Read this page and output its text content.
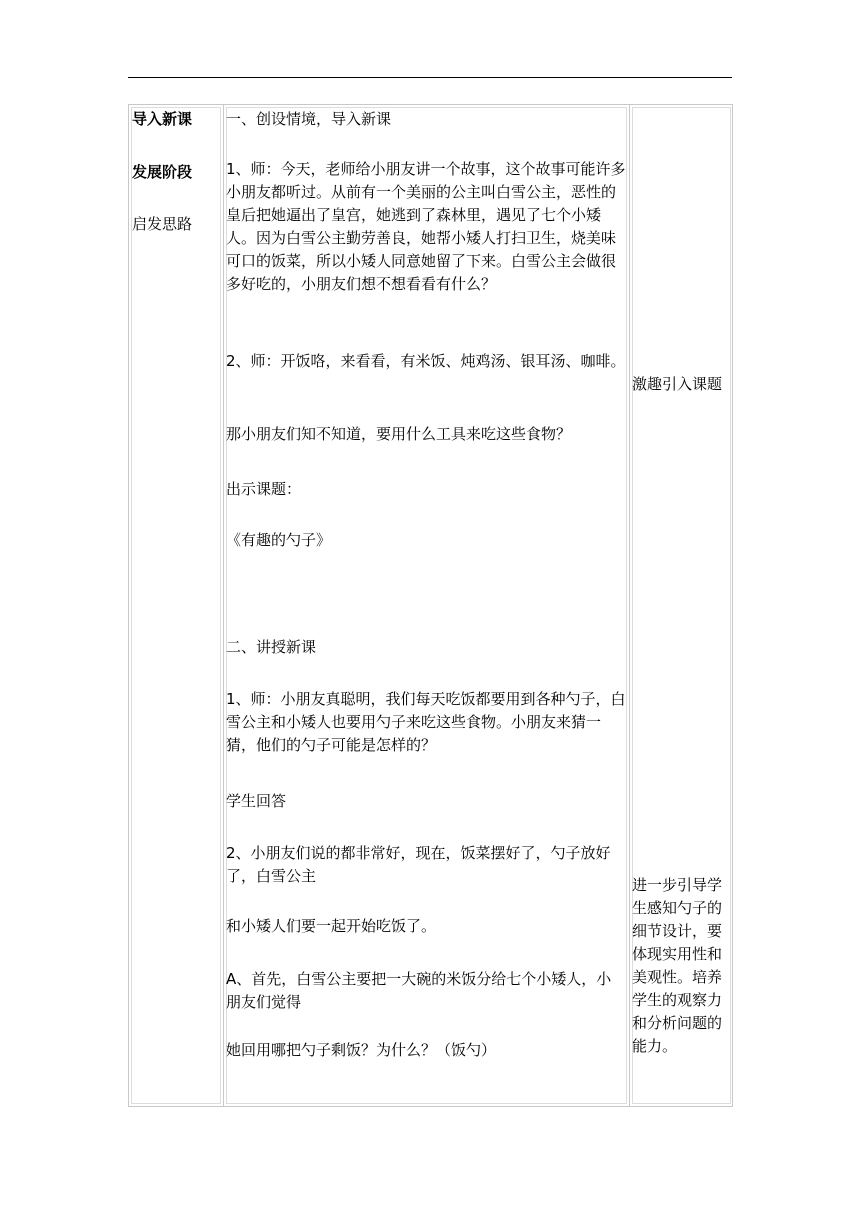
导入新课
发展阶段
启发思路
一、创设情境，导入新课
1、师：今天，老师给小朋友讲一个故事，这个故事可能许多小朋友都听过。从前有一个美丽的公主叫白雪公主，恶性的皇后把她逼出了皇宫，她逃到了森林里，遇见了七个小矮人。因为白雪公主勤劳善良，她帮小矮人打扫卫生，烧美味可口的饭菜，所以小矮人同意她留了下来。白雪公主会做很多好吃的，小朋友们想不想看看有什么？
2、师：开饭咯，来看看，有米饭、炖鸡汤、银耳汤、咖啡。
那小朋友们知不知道，要用什么工具来吃这些食物？
出示课题：
《有趣的勺子》
二、讲授新课
1、师：小朋友真聪明，我们每天吃饭都要用到各种勺子，白雪公主和小矮人也要用勺子来吃这些食物。小朋友来猜一猜，他们的勺子可能是怎样的？
学生回答
2、小朋友们说的都非常好，现在，饭菜摆好了，勺子放好了，白雪公主
和小矮人们要一起开始吃饭了。
A、首先，白雪公主要把一大碗的米饭分给七个小矮人，小朋友们觉得
她回用哪把勺子剩饭？为什么？（饭勺）
激趣引入课题
进一步引导学生感知勺子的细节设计，要体现实用性和美观性。培养学生的观察力和分析问题的能力。
